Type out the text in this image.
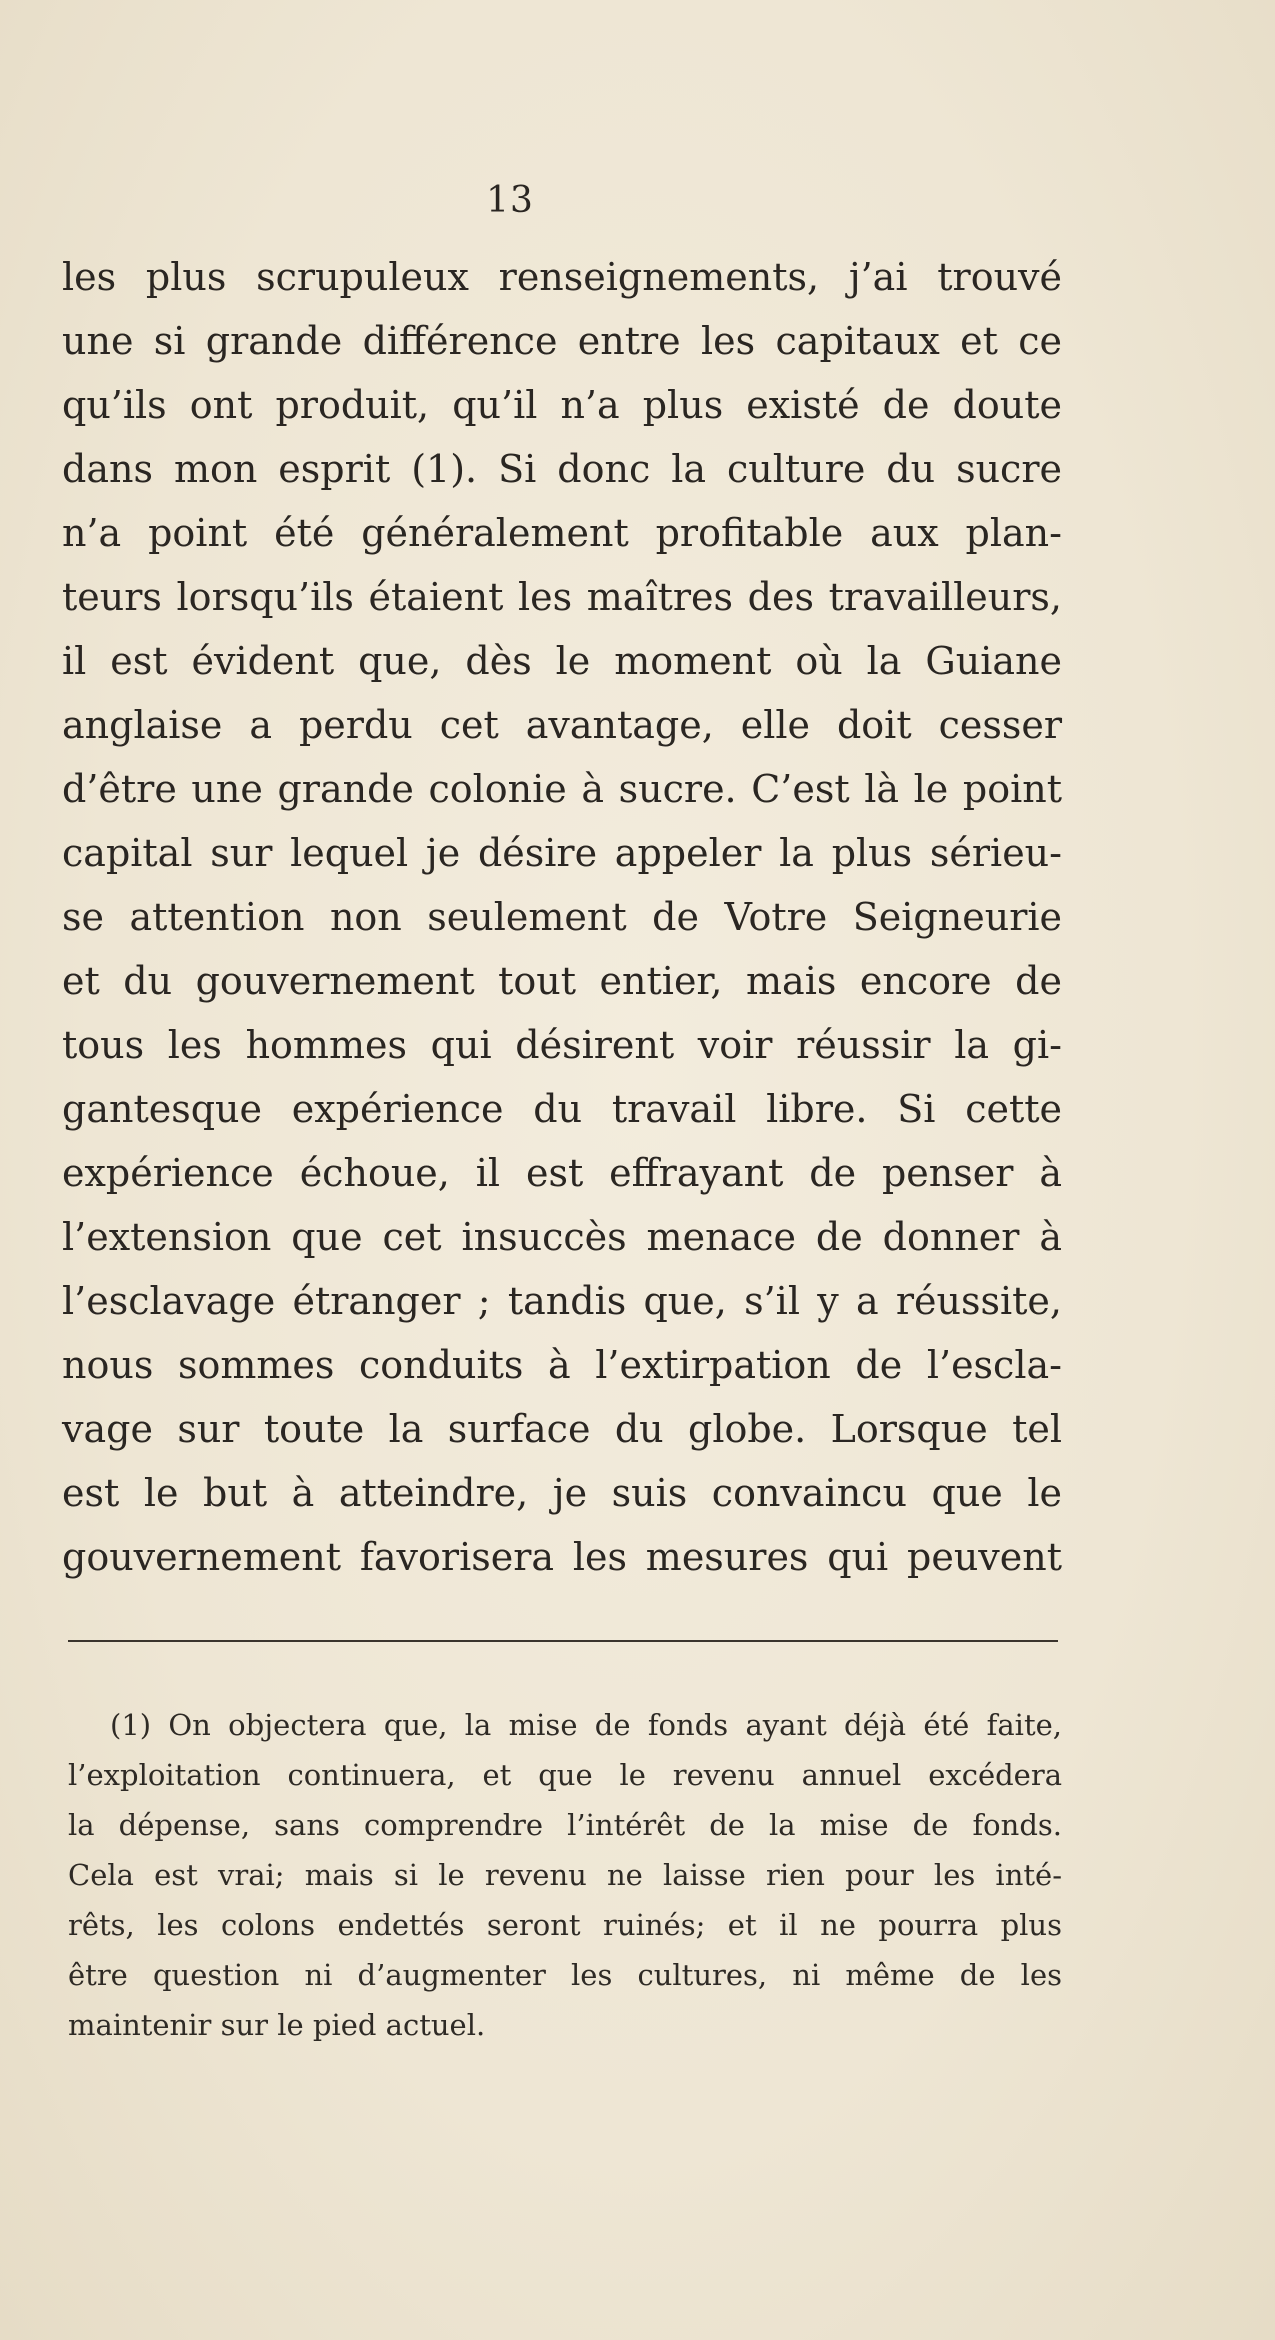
13
les plus scrupuleux renseignements, j’ai trouvé
une si grande différence entre les capitaux et ce
qu’ils ont produit, qu’il n’a plus existé de doute
dans mon esprit (1). Si donc la culture du sucre
n’a point été généralement profitable aux plan-
teurs lorsqu’ils étaient les maîtres des travailleurs,
il est évident que, dès le moment où la Guiane
anglaise a perdu cet avantage, elle doit cesser
d’être une grande colonie à sucre. C’est là le point
capital sur lequel je désire appeler la plus sérieu-
se attention non seulement de Votre Seigneurie
et du gouvernement tout entier, mais encore de
tous les hommes qui désirent voir réussir la gi-
gantesque expérience du travail libre. Si cette
expérience échoue, il est effrayant de penser à
l’extension que cet insuccès menace de donner à
l’esclavage étranger ; tandis que, s’il y a réussite,
nous sommes conduits à l’extirpation de l’escla-
vage sur toute la surface du globe. Lorsque tel
est le but à atteindre, je suis convaincu que le
gouvernement favorisera les mesures qui peuvent
(1) On objectera que, la mise de fonds ayant déjà été faite,
l’exploitation continuera, et que le revenu annuel excédera
la dépense, sans comprendre l’intérêt de la mise de fonds.
Cela est vrai; mais si le revenu ne laisse rien pour les inté-
rêts, les colons endettés seront ruinés; et il ne pourra plus
être question ni d’augmenter les cultures, ni même de les
maintenir sur le pied actuel.
